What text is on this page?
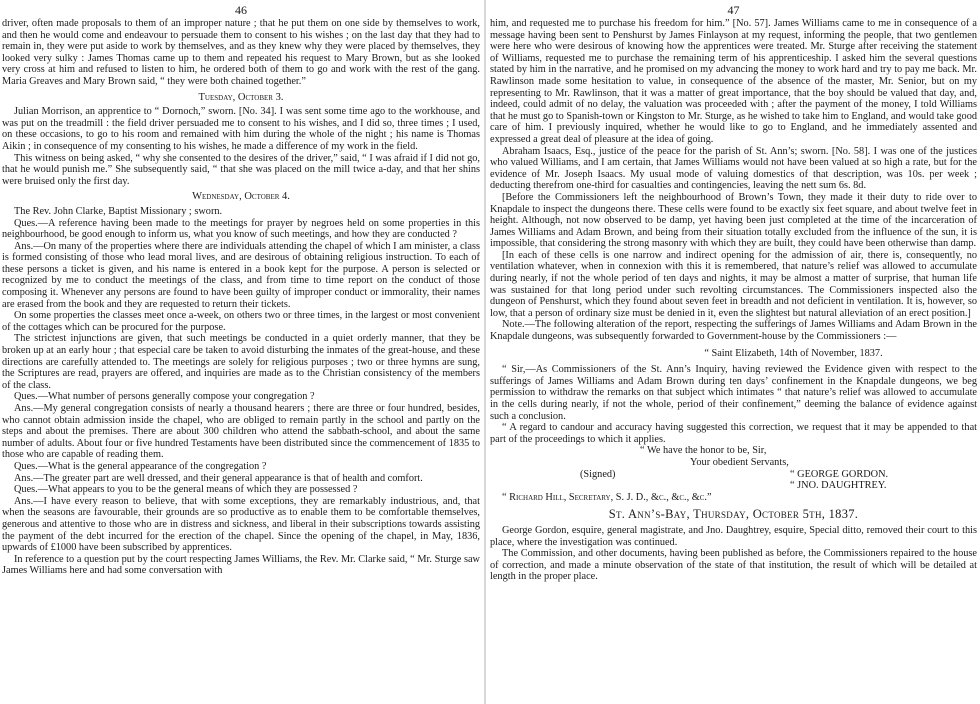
46

driver, often made proposals to them of an improper nature ; that he put them on one side by themselves to work, and then he would come and endeavour to persuade them to consent to his wishes ; on the last day that they had to remain in, they were put aside to work by themselves, and as they knew why they were placed by themselves, they looked very sulky : James Thomas came up to them and repeated his request to Mary Brown, but as she looked very cross at him and refused to listen to him, he ordered both of them to go and work with the rest of the gang. Maria Greaves and Mary Brown said, “ they were both chained together.”

Tuesday, October 3.

Julian Morrison, an apprentice to “ Dornoch,” sworn. [No. 34]. I was sent some time ago to the workhouse, and was put on the treadmill : the field driver persuaded me to consent to his wishes, and I did so, three times ; I used, on these occasions, to go to his room and remained with him during the whole of the night ; his name is Thomas Aikin ; in consequence of my consenting to his wishes, he made a difference of my work in the field.

This witness on being asked, “ why she consented to the desires of the driver,” said, “ I was afraid if I did not go, that he would punish me.” She subsequently said, “ that she was placed on the mill twice a-day, and that her shins were bruised only the first day.

Wednesday, October 4.

The Rev. John Clarke, Baptist Missionary ; sworn.

Ques.—A reference having been made to the meetings for prayer by negroes held on some properties in this neighbourhood, be good enough to inform us, what you know of such meetings, and how they are conducted ?

Ans.—On many of the properties where there are individuals attending the chapel of which I am minister, a class is formed consisting of those who lead moral lives, and are desirous of obtaining religious instruction. To each of these persons a ticket is given, and his name is entered in a book kept for the purpose. A person is selected or recognized by me to conduct the meetings of the class, and from time to time report on the conduct of those composing it. Whenever any persons are found to have been guilty of improper conduct or immorality, their names are erased from the book and they are requested to return their tickets.

On some properties the classes meet once a-week, on others two or three times, in the largest or most convenient of the cottages which can be procured for the purpose.

The strictest injunctions are given, that such meetings be conducted in a quiet orderly manner, that they be broken up at an early hour ; that especial care be taken to avoid disturbing the inmates of the great-house, and these directions are carefully attended to. The meetings are solely for religious purposes ; two or three hymns are sung, the Scriptures are read, prayers are offered, and inquiries are made as to the Christian consistency of the members of the class.

Ques.—What number of persons generally compose your congregation ?

Ans.—My general congregation consists of nearly a thousand hearers ; there are three or four hundred, besides, who cannot obtain admission inside the chapel, who are obliged to remain partly in the school and partly on the steps and about the premises. There are about 300 children who attend the sabbath-school, and about the same number of adults. About four or five hundred Testaments have been distributed since the commencement of 1835 to those who are capable of reading them.

Ques.—What is the general appearance of the congregation ?

Ans.—The greater part are well dressed, and their general appearance is that of health and comfort.

Ques.—What appears to you to be the general means of which they are possessed ?

Ans.—I have every reason to believe, that with some exceptions, they are remarkably industrious, and, that when the seasons are favourable, their grounds are so productive as to enable them to be comfortable themselves, generous and attentive to those who are in distress and sickness, and liberal in their subscriptions towards assisting the payment of the debt incurred for the erection of the chapel. Since the opening of the chapel, in May, 1836, upwards of £1000 have been subscribed by apprentices.

In reference to a question put by the court respecting James Williams, the Rev. Mr. Clarke said, “ Mr. Sturge saw James Williams here and had some conversation with

47

him, and requested me to purchase his freedom for him.” [No. 57]. James Williams came to me in consequence of a message having been sent to Penshurst by James Finlayson at my request, informing the people, that two gentlemen were here who were desirous of knowing how the apprentices were treated. Mr. Sturge after receiving the statement of Williams, requested me to purchase the remaining term of his apprenticeship. I asked him the several questions stated by him in the narrative, and he promised on my advancing the money to work hard and try to pay me back. Mr. Rawlinson made some hesitation to value, in consequence of the absence of the master, Mr. Senior, but on my representing to Mr. Rawlinson, that it was a matter of great importance, that the boy should be valued that day, and, indeed, could admit of no delay, the valuation was proceeded with ; after the payment of the money, I told Williams that he must go to Spanish-town or Kingston to Mr. Sturge, as he wished to take him to England, and would take good care of him. I previously inquired, whether he would like to go to England, and he immediately assented and expressed a great deal of pleasure at the idea of going.

Abraham Isaacs, Esq., justice of the peace for the parish of St. Ann’s; sworn. [No. 58]. I was one of the justices who valued Williams, and I am certain, that James Williams would not have been valued at so high a rate, but for the evidence of Mr. Joseph Isaacs. My usual mode of valuing domestics of that description, was 10s. per week ; deducting therefrom one-third for casualties and contingencies, leaving the nett sum 6s. 8d.

[Before the Commissioners left the neighbourhood of Brown’s Town, they made it their duty to ride over to Knapdale to inspect the dungeons there. These cells were found to be exactly six feet square, and about twelve feet in height. Although, not now observed to be damp, yet having been just completed at the time of the incarceration of James Williams and Adam Brown, and being from their situation totally excluded from the influence of the sun, it is impossible, that considering the strong masonry with which they are built, they could have been otherwise than damp.

[In each of these cells is one narrow and indirect opening for the admission of air, there is, consequently, no ventilation whatever, when in connexion with this it is remembered, that nature’s relief was allowed to accumulate during nearly, if not the whole period of ten days and nights, it may be almost a matter of surprise, that human life was sustained for that long period under such revolting circumstances. The Commissioners inspected also the dungeon of Penshurst, which they found about seven feet in breadth and not deficient in ventilation. It is, however, so low, that a person of ordinary size must be denied in it, even the slightest but natural alleviation of an erect position.]

Note.—The following alteration of the report, respecting the sufferings of James Williams and Adam Brown in the Knapdale dungeons, was subsequently forwarded to Government-house by the Commissioners :—

“ Saint Elizabeth, 14th of November, 1837.

“ Sir,—As Commissioners of the St. Ann’s Inquiry, having reviewed the Evidence given with respect to the sufferings of James Williams and Adam Brown during ten days’ confinement in the Knapdale dungeons, we beg permission to withdraw the remarks on that subject which intimates “ that nature’s relief was allowed to accumulate in the cells during nearly, if not the whole, period of their confinement,” deeming the balance of evidence against such a conclusion.

“ A regard to candour and accuracy having suggested this correction, we request that it may be appended to that part of the proceedings to which it applies.

“ We have the honor to be, Sir,

Your obedient Servants,

(Signed)	“ GEORGE GORDON.

“ JNO. DAUGHTREY.

“ Richard Hill, Secretary, S. J. D., &c., &c., &c.”

St. Ann’s-Bay, Thursday, October 5th, 1837.

George Gordon, esquire, general magistrate, and Jno. Daughtrey, esquire, Special ditto, removed their court to this place, where the investigation was continued.

The Commission, and other documents, having been published as before, the Commissioners repaired to the house of correction, and made a minute observation of the state of that institution, the result of which will be detailed at length in the proper place.
